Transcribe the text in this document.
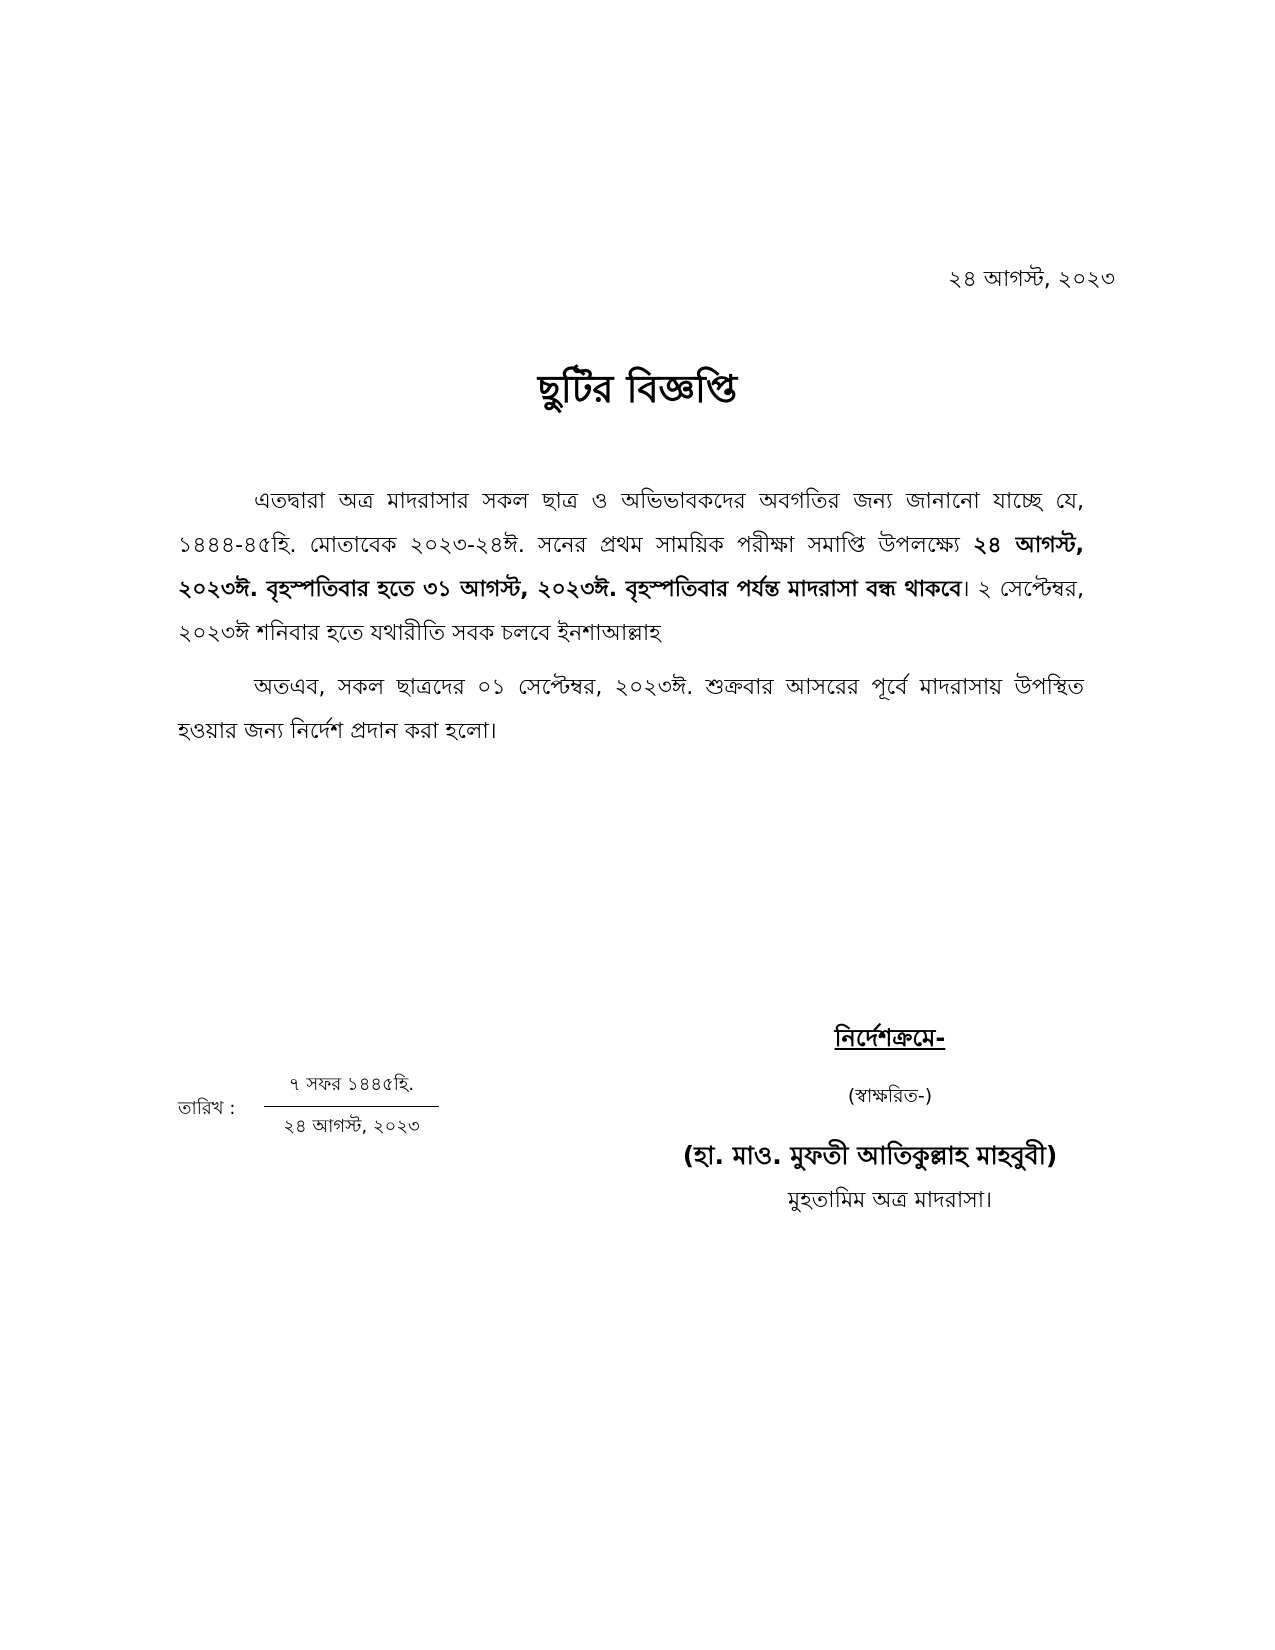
২৪ আগস্ট, ২০২৩
ছুটির বিজ্ঞপ্তি

এতদ্বারা অত্র মাদরাসার সকল ছাত্র ও অভিভাবকদের অবগতির জন্য জানানো যাচ্ছে যে, ১৪৪৪-৪৫হি. মোতাবেক ২০২৩-২৪ঈ. সনের প্রথম সাময়িক পরীক্ষা সমাপ্তি উপলক্ষ্যে ২৪ আগস্ট, ২০২৩ঈ. বৃহস্পতিবার হতে ৩১ আগস্ট, ২০২৩ঈ. বৃহস্পতিবার পর্যন্ত মাদরাসা বন্ধ থাকবে। ২ সেপ্টেম্বর, ২০২৩ঈ শনিবার হতে যথারীতি সবক চলবে ইনশাআল্লাহ

অতএব, সকল ছাত্রদের ০১ সেপ্টেম্বর, ২০২৩ঈ. শুক্রবার আসরের পূর্বে মাদরাসায় উপস্থিত হওয়ার জন্য নির্দেশ প্রদান করা হলো।

তারিখ :
৭ সফর ১৪৪৫হি.
২৪ আগস্ট, ২০২৩
নির্দেশক্রমে-
(স্বাক্ষরিত-)
(হা. মাও. মুফতী আতিকুল্লাহ মাহবুবী)
মুহতামিম অত্র মাদরাসা।
